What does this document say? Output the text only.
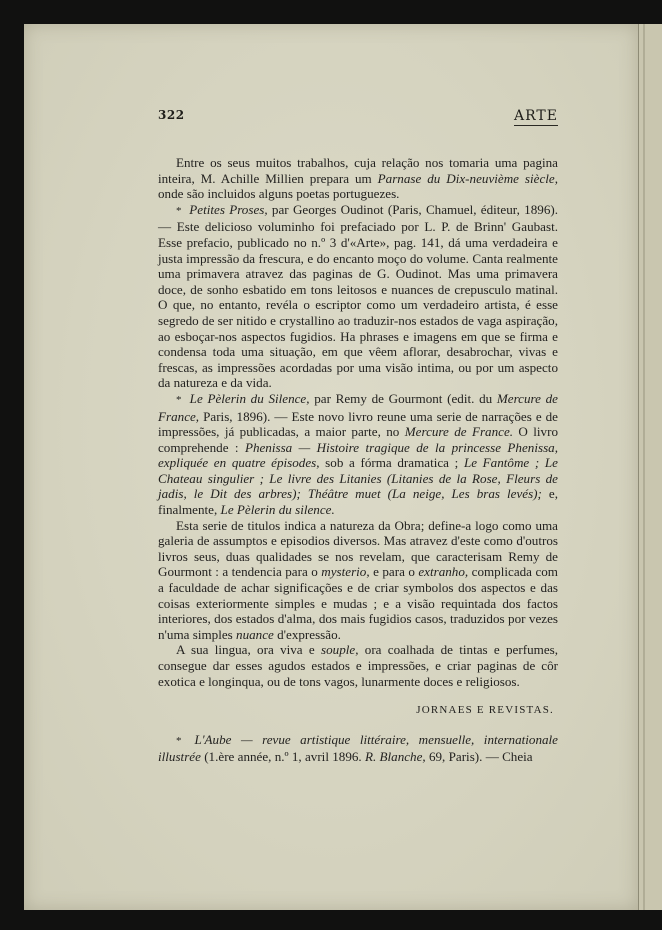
322	ARTE

Entre os seus muitos trabalhos, cuja relação nos tomaria uma pagina inteira, M. Achille Millien prepara um Parnase du Dix-neuvième siècle, onde são incluidos alguns poetas portuguezes.

* Petites Proses, par Georges Oudinot (Paris, Chamuel, éditeur, 1896). — Este delicioso voluminho foi prefaciado por L. P. de Brinn' Gaubast. Esse prefacio, publicado no n.º 3 d'«Arte», pag. 141, dá uma verdadeira e justa impressão da frescura, e do encanto moço do volume. Canta realmente uma primavera atravez das paginas de G. Oudinot. Mas uma primavera doce, de sonho esbatido em tons leitosos e nuances de crepusculo matinal. O que, no entanto, revéla o escriptor como um verdadeiro artista, é esse segredo de ser nitido e crystallino ao traduzir-nos estados de vaga aspiração, ao esboçar-nos aspectos fugidios. Ha phrases e imagens em que se firma e condensa toda uma situação, em que vêem aflorar, desabrochar, vivas e frescas, as impressões acordadas por uma visão intima, ou por um aspecto da natureza e da vida.

* Le Pèlerin du Silence, par Remy de Gourmont (edit. du Mercure de France, Paris, 1896). — Este novo livro reune uma serie de narrações e de impressões, já publicadas, a maior parte, no Mercure de France. O livro comprehende : Phenissa — Histoire tragique de la princesse Phenissa, expliquée en quatre épisodes, sob a fórma dramatica ; Le Fantôme ; Le Chateau singulier ; Le livre des Litanies (Litanies de la Rose, Fleurs de jadis, le Dit des arbres); Théâtre muet (La neige, Les bras levés); e, finalmente, Le Pèlerin du silence.

Esta serie de titulos indica a natureza da Obra; define-a logo como uma galeria de assumptos e episodios diversos. Mas atravez d'este como d'outros livros seus, duas qualidades se nos revelam, que caracterisam Remy de Gourmont : a tendencia para o mysterio, e para o extranho, complicada com a faculdade de achar significações e de criar symbolos dos aspectos e das coisas exteriormente simples e mudas ; e a visão requintada dos factos interiores, dos estados d'alma, dos mais fugidios casos, traduzidos por vezes n'uma simples nuance d'expressão.

A sua lingua, ora viva e souple, ora coalhada de tintas e perfumes, consegue dar esses agudos estados e impressões, e criar paginas de côr exotica e longinqua, ou de tons vagos, lunarmente doces e religiosos.

JORNAES E REVISTAS.

* L'Aube — revue artistique littéraire, mensuelle, internationale illustrée (1.ère année, n.º 1, avril 1896. R. Blanche, 69, Paris). — Cheia
